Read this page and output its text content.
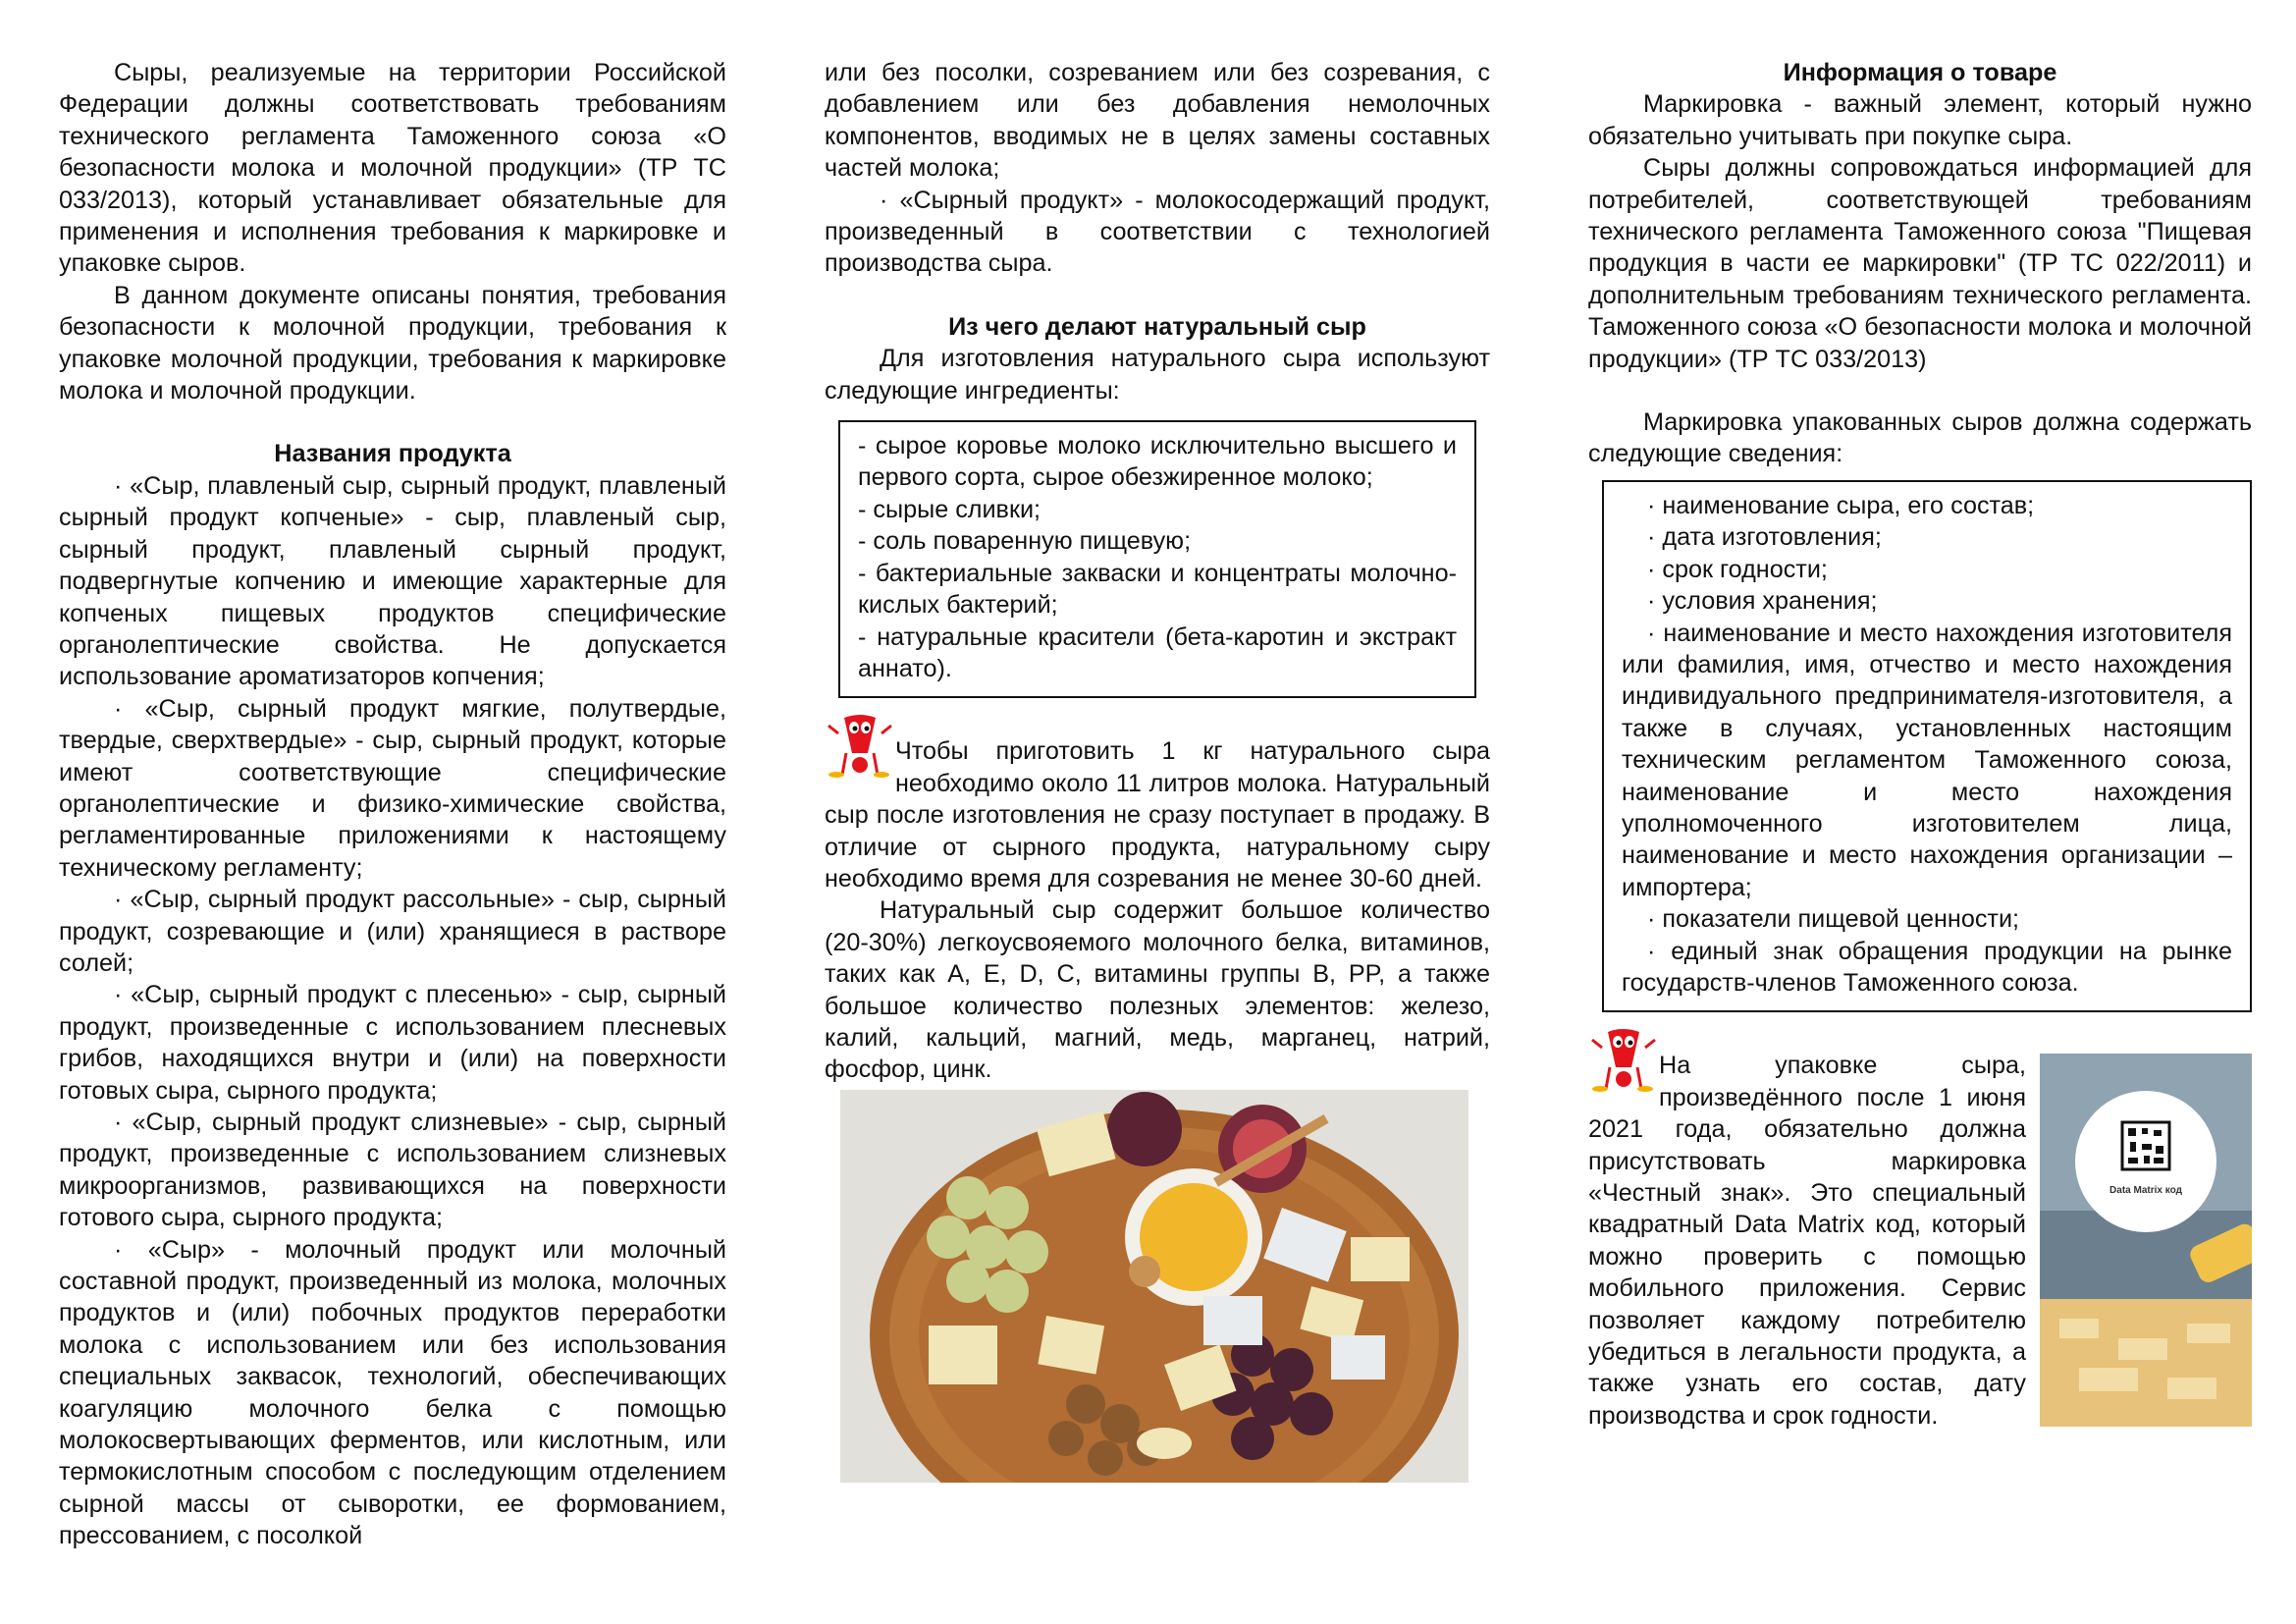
Сыры, реализуемые на территории Российской Федерации должны соответствовать требованиям технического регламента Таможенного союза «О безопасности молока и молочной продукции» (ТР ТС 033/2013), который устанавливает обязательные для применения и исполнения требования к маркировке и упаковке сыров.

В данном документе описаны понятия, требования безопасности к молочной продукции, требования к упаковке молочной продукции, требования к маркировке молока и молочной продукции.

Названия продукта

· «Сыр, плавленый сыр, сырный продукт, плавленый сырный продукт копченые» - сыр, плавленый сыр, сырный продукт, плавленый сырный продукт, подвергнутые копчению и имеющие характерные для копченых пищевых продуктов специфические органолептические свойства. Не допускается использование ароматизаторов копчения;

· «Сыр, сырный продукт мягкие, полутвердые, твердые, сверхтвердые» - сыр, сырный продукт, которые имеют соответствующие специфические органолептические и физико-химические свойства, регламентированные приложениями к настоящему техническому регламенту;

· «Сыр, сырный продукт рассольные» - сыр, сырный продукт, созревающие и (или) хранящиеся в растворе солей;

· «Сыр, сырный продукт с плесенью» - сыр, сырный продукт, произведенные с использованием плесневых грибов, находящихся внутри и (или) на поверхности готовых сыра, сырного продукта;

· «Сыр, сырный продукт слизневые» - сыр, сырный продукт, произведенные с использованием слизневых микроорганизмов, развивающихся на поверхности готового сыра, сырного продукта;

· «Сыр» - молочный продукт или молочный составной продукт, произведенный из молока, молочных продуктов и (или) побочных продуктов переработки молока с использованием или без использования специальных заквасок, технологий, обеспечивающих коагуляцию молочного белка с помощью молокосвертывающих ферментов, или кислотным, или термокислотным способом с последующим отделением сырной массы от сыворотки, ее формованием, прессованием, с посолкой

или без посолки, созреванием или без созревания, с добавлением или без добавления немолочных компонентов, вводимых не в целях замены составных частей молока;

· «Сырный продукт» - молокосодержащий продукт, произведенный в соответствии с технологией производства сыра.

Из чего делают натуральный сыр

Для изготовления натурального сыра используют следующие ингредиенты:

- сырое коровье молоко исключительно высшего и первого сорта, сырое обезжиренное молоко;

- сырые сливки;

- соль поваренную пищевую;

- бактериальные закваски и концентраты молочно-кислых бактерий;

- натуральные красители (бета-каротин и экстракт аннато).

Чтобы приготовить 1 кг натурального сыра необходимо около 11 литров молока. Натуральный сыр после изготовления не сразу поступает в продажу. В отличие от сырного продукта, натуральному сыру необходимо время для созревания не менее 30-60 дней.

Натуральный сыр содержит большое количество (20-30%) легкоусвояемого молочного белка, витаминов, таких как A, E, D, C, витамины группы B, PP, а также большое количество полезных элементов: железо, калий, кальций, магний, медь, марганец, натрий, фосфор, цинк.

Информация о товаре

Маркировка - важный элемент, который нужно обязательно учитывать при покупке сыра.

Сыры должны сопровождаться информацией для потребителей, соответствующей требованиям технического регламента Таможенного союза "Пищевая продукция в части ее маркировки" (ТР ТС 022/2011) и дополнительным требованиям технического регламента. Таможенного союза «О безопасности молока и молочной продукции» (ТР ТС 033/2013)

Маркировка упакованных сыров должна содержать следующие сведения:

· наименование сыра, его состав;

· дата изготовления;

· срок годности;

· условия хранения;

· наименование и место нахождения изготовителя или фамилия, имя, отчество и место нахождения индивидуального предпринимателя-изготовителя, а также в случаях, установленных настоящим техническим регламентом Таможенного союза, наименование и место нахождения уполномоченного изготовителем лица, наименование и место нахождения организации – импортера;

· показатели пищевой ценности;

· единый знак обращения продукции на рынке государств-членов Таможенного союза.

Data Matrix код

На упаковке сыра, произведённого после 1 июня 2021 года, обязательно должна присутствовать маркировка «Честный знак». Это специальный квадратный Data Matrix код, который можно проверить с помощью мобильного приложения. Сервис позволяет каждому потребителю убедиться в легальности продукта, а также узнать его состав, дату производства и срок годности.
